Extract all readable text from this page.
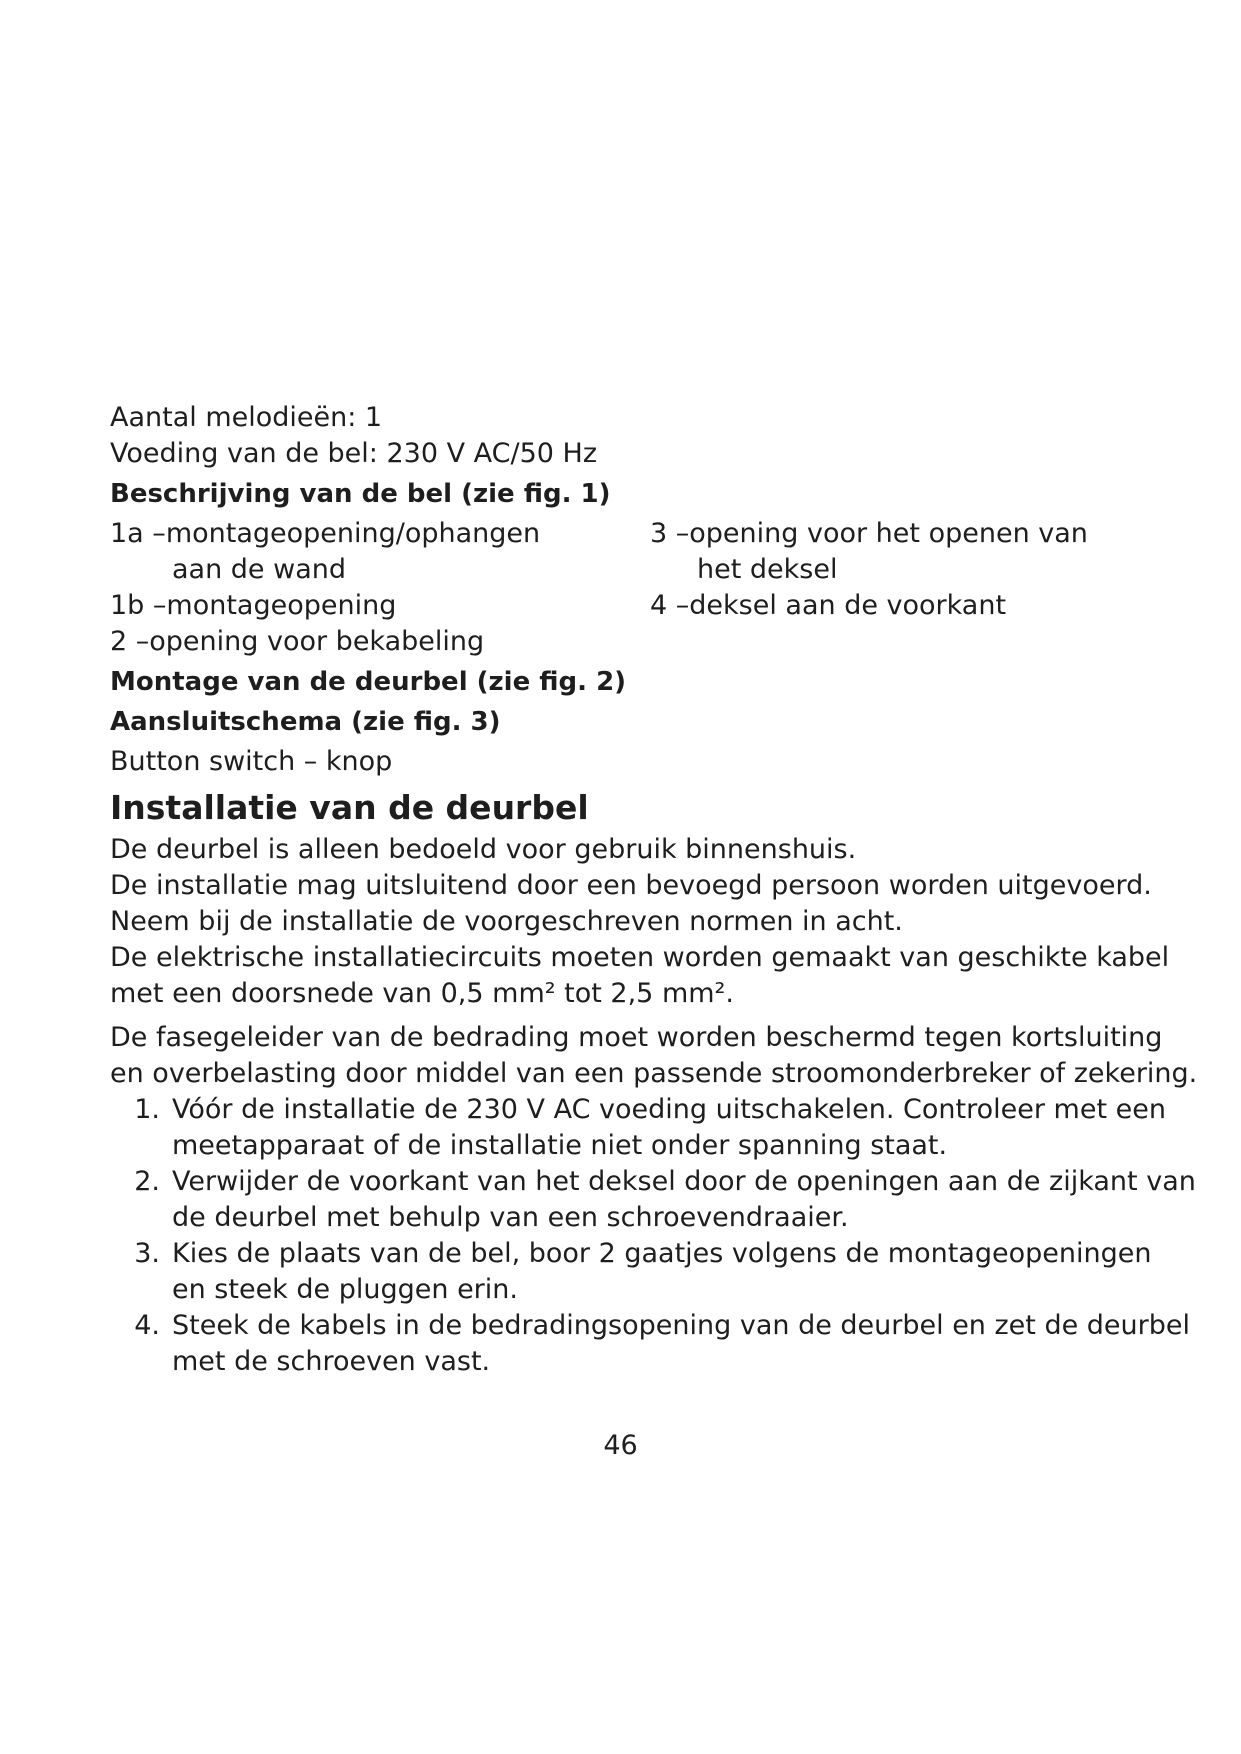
Aantal melodieën: 1
Voeding van de bel: 230 V AC/50 Hz
Beschrijving van de bel (zie fig. 1)
1a – montageopening/ophangen
aan de wand
1b – montageopening
2 – opening voor bekabeling
3 – opening voor het openen van
het deksel
4 – deksel aan de voorkant
Montage van de deurbel (zie fig. 2)
Aansluitschema (zie fig. 3)
Button switch – knop
Installatie van de deurbel
De deurbel is alleen bedoeld voor gebruik binnenshuis.
De installatie mag uitsluitend door een bevoegd persoon worden uitgevoerd.
Neem bij de installatie de voorgeschreven normen in acht.
De elektrische installatiecircuits moeten worden gemaakt van geschikte kabel
met een doorsnede van 0,5 mm² tot 2,5 mm².
De fasegeleider van de bedrading moet worden beschermd tegen kortsluiting
en overbelasting door middel van een passende stroomonderbreker of zekering.
1. Vóór de installatie de 230 V AC voeding uitschakelen. Controleer met een
meetapparaat of de installatie niet onder spanning staat.
2. Verwijder de voorkant van het deksel door de openingen aan de zijkant van
de deurbel met behulp van een schroevendraaier.
3. Kies de plaats van de bel, boor 2 gaatjes volgens de montageopeningen
en steek de pluggen erin.
4. Steek de kabels in de bedradingsopening van de deurbel en zet de deurbel
met de schroeven vast.
46
